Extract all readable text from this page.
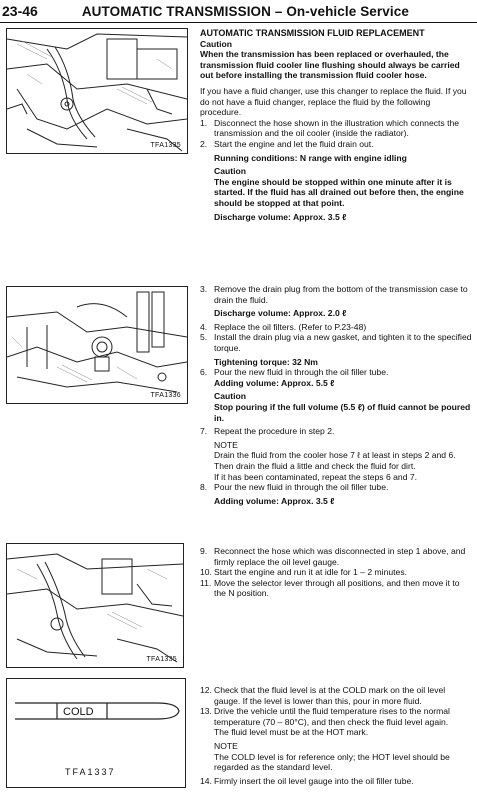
23-46	AUTOMATIC TRANSMISSION – On-vehicle Service
TFA1335
TFA1336
TFA1335
COLD
TFA1337

AUTOMATIC TRANSMISSION FLUID REPLACEMENT

Caution

When the transmission has been replaced or overhauled, the transmission fluid cooler line flushing should always be carried out before installing the transmission fluid cooler hose.

If you have a fluid changer, use this changer to replace the fluid. If you do not have a fluid changer, replace the fluid by the following procedure.

1. Disconnect the hose shown in the illustration which connects the transmission and the oil cooler (inside the radiator).
2. Start the engine and let the fluid drain out.

Running conditions: N range with engine idling

Caution

The engine should be stopped within one minute after it is started. If the fluid has all drained out before then, the engine should be stopped at that point.

Discharge volume: Approx. 3.5 ℓ

3. Remove the drain plug from the bottom of the transmission case to drain the fluid.

Discharge volume: Approx. 2.0 ℓ

4. Replace the oil filters. (Refer to P.23-48)
5. Install the drain plug via a new gasket, and tighten it to the specified torque.

Tightening torque: 32 Nm

6. Pour the new fluid in through the oil filler tube.

Adding volume: Approx. 5.5 ℓ

Caution

Stop pouring if the full volume (5.5 ℓ) of fluid cannot be poured in.

7. Repeat the procedure in step 2.

NOTE

Drain the fluid from the cooler hose 7 ℓ at least in steps 2 and 6. Then drain the fluid a little and check the fluid for dirt.

If it has been contaminated, repeat the steps 6 and 7.

8. Pour the new fluid in through the oil filler tube.

Adding volume: Approx. 3.5 ℓ

9. Reconnect the hose which was disconnected in step 1 above, and firmly replace the oil level gauge.
10. Start the engine and run it at idle for 1 – 2 minutes.
11. Move the selector lever through all positions, and then move it to the N position.
12. Check that the fluid level is at the COLD mark on the oil level gauge. If the level is lower than this, pour in more fluid.
13. Drive the vehicle until the fluid temperature rises to the normal temperature (70 – 80°C), and then check the fluid level again.

The fluid level must be at the HOT mark.

NOTE

The COLD level is for reference only; the HOT level should be regarded as the standard level.

14. Firmly insert the oil level gauge into the oil filler tube.
